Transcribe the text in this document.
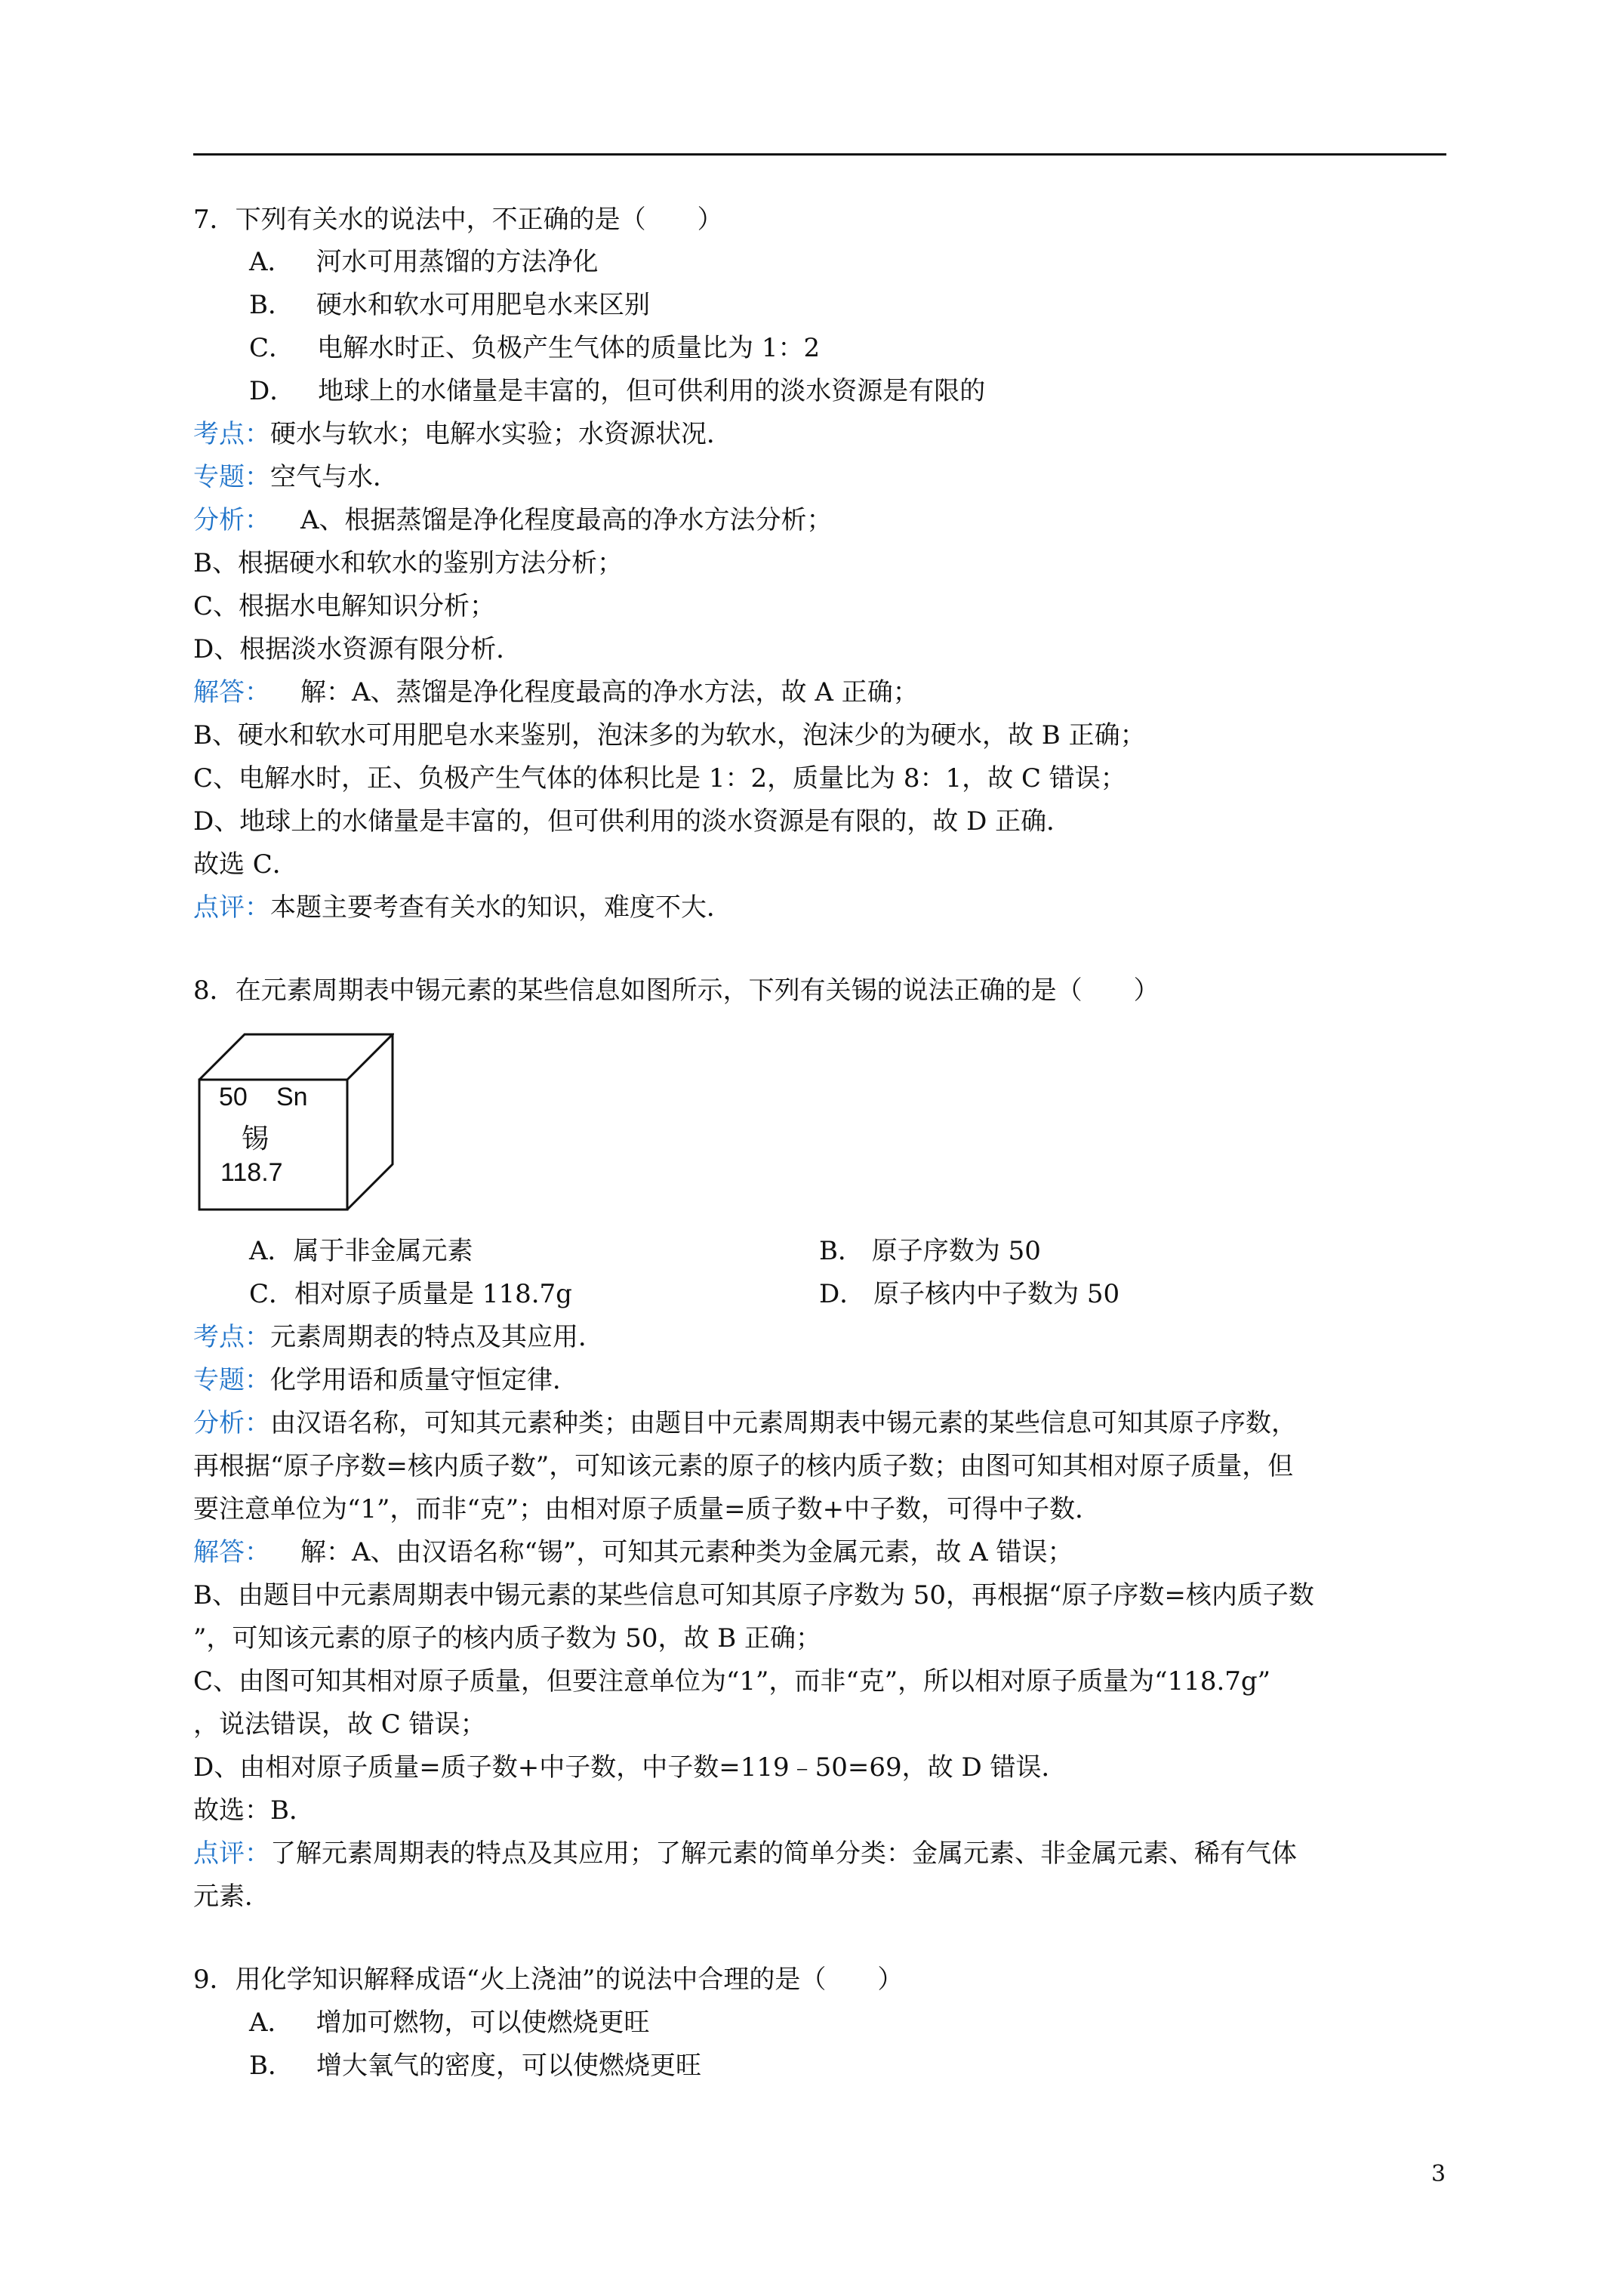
7．下列有关水的说法中，不正确的是（　　）
A． 河水可用蒸馏的方法净化
B． 硬水和软水可用肥皂水来区别
C． 电解水时正、负极产生气体的质量比为 1：2
D． 地球上的水储量是丰富的，但可供利用的淡水资源是有限的
考点：硬水与软水；电解水实验；水资源状况．
专题：空气与水．
分析： A、根据蒸馏是净化程度最高的净水方法分析；
B、根据硬水和软水的鉴别方法分析；
C、根据水电解知识分析；
D、根据淡水资源有限分析．
解答： 解：A、蒸馏是净化程度最高的净水方法，故 A 正确；
B、硬水和软水可用肥皂水来鉴别，泡沫多的为软水，泡沫少的为硬水，故 B 正确；
C、电解水时，正、负极产生气体的体积比是 1：2，质量比为 8：1，故 C 错误；
D、地球上的水储量是丰富的，但可供利用的淡水资源是有限的，故 D 正确．
故选 C．
点评：本题主要考查有关水的知识，难度不大．
8．在元素周期表中锡元素的某些信息如图所示，下列有关锡的说法正确的是（　　）
50 Sn
锡
118.7
A．属于非金属元素	B． 原子序数为 50
C．相对原子质量是 118.7g	D． 原子核内中子数为 50
考点：元素周期表的特点及其应用．
专题：化学用语和质量守恒定律．
分析：由汉语名称，可知其元素种类；由题目中元素周期表中锡元素的某些信息可知其原子序数，
再根据“原子序数=核内质子数”，可知该元素的原子的核内质子数；由图可知其相对原子质量，但
要注意单位为“1”，而非“克”；由相对原子质量=质子数+中子数，可得中子数．
解答： 解：A、由汉语名称“锡”，可知其元素种类为金属元素，故 A 错误；
B、由题目中元素周期表中锡元素的某些信息可知其原子序数为 50，再根据“原子序数=核内质子数
”，可知该元素的原子的核内质子数为 50，故 B 正确；
C、由图可知其相对原子质量，但要注意单位为“1”，而非“克”，所以相对原子质量为“118.7g”
，说法错误，故 C 错误；
D、由相对原子质量=质子数+中子数，中子数=119﹣50=69，故 D 错误．
故选：B．
点评：了解元素周期表的特点及其应用；了解元素的简单分类：金属元素、非金属元素、稀有气体
元素．
9．用化学知识解释成语“火上浇油”的说法中合理的是（　　）
A． 增加可燃物，可以使燃烧更旺
B． 增大氧气的密度，可以使燃烧更旺
3
